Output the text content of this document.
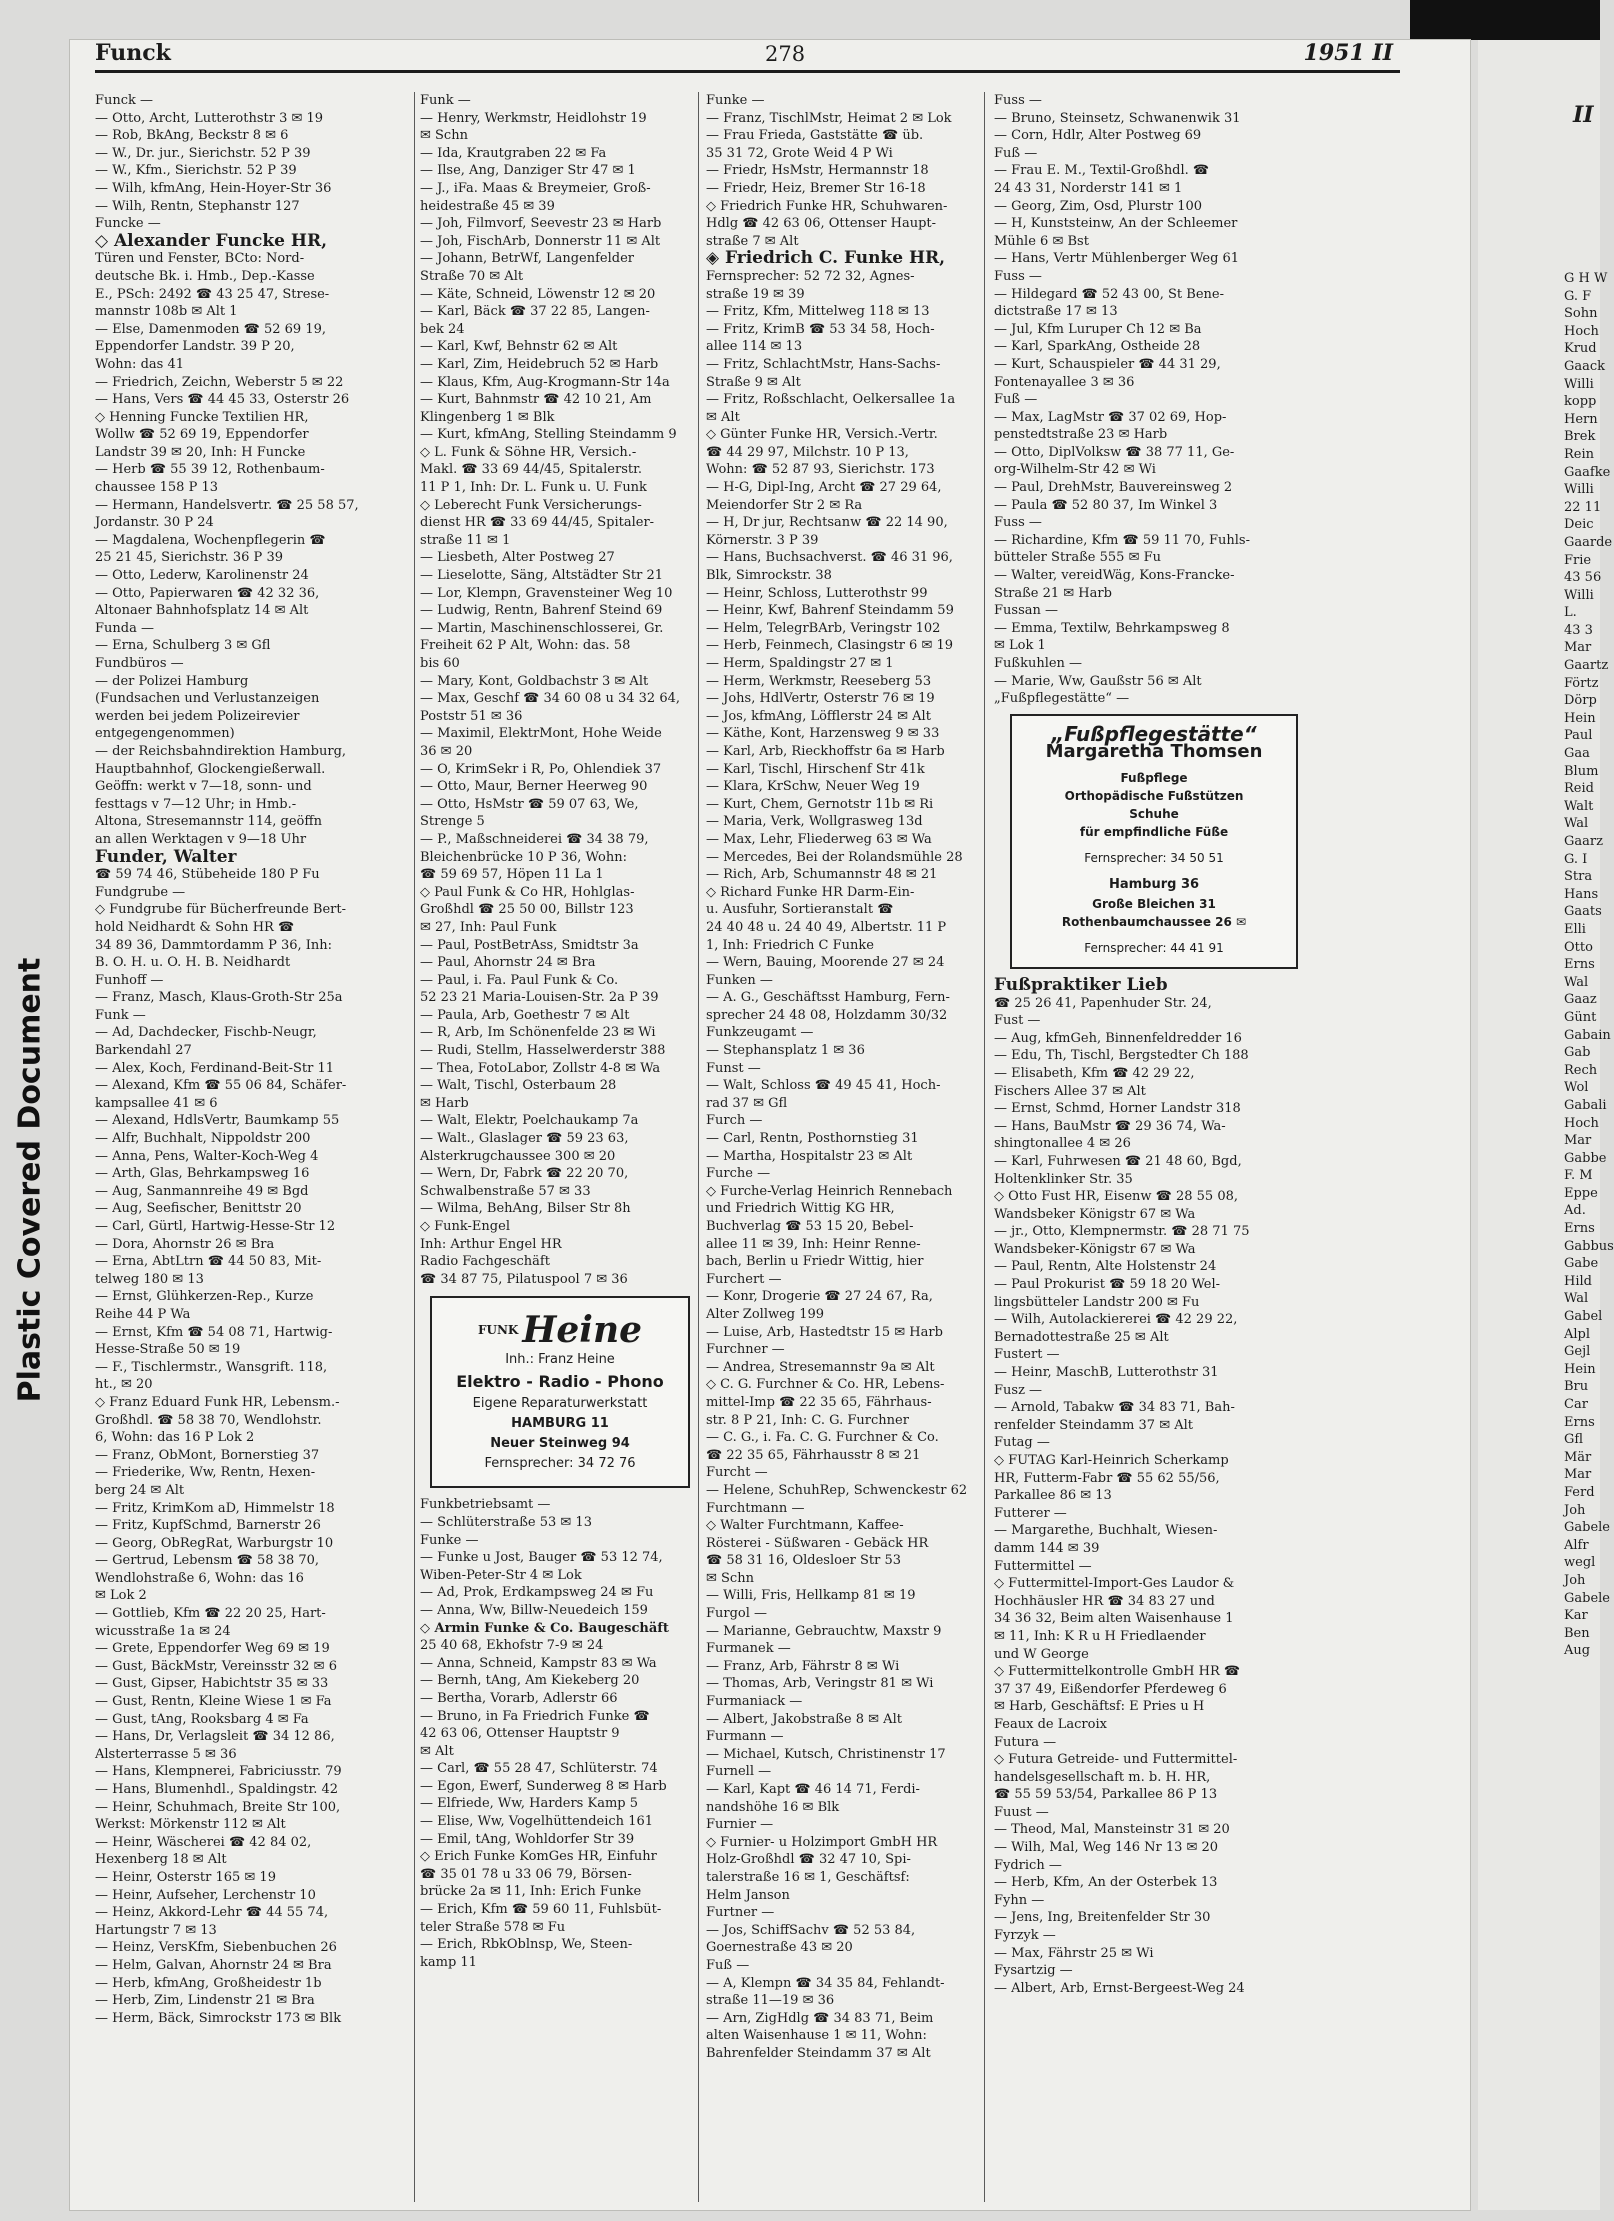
Plastic Covered Document
II
G H W
G. F
Sohn
Hoch
Krud
Gaack
Willi
kopp
Hern
Brek
Rein
Gaafke
Willi
22 11
Deic
Gaarde
Frie
43 56
Willi
L.
43 3
Mar
Gaartz
Förtz
Dörp
Hein
Paul
Gaa
Blum
Reid
Walt
Wal
Gaarz
G. I
Stra
Hans
Gaats
Elli
Otto
Erns
Wal
Gaaz
Günt
Gabain
Gab
Rech
Wol
Gabali
Hoch
Mar
Gabbe
F. M
Eppe
Ad.
Erns
Gabbus
Gabe
Hild
Wal
Gabel
Alpl
Gejl
Hein
Bru
Car
Erns
Gfl
Mär
Mar
Ferd
Joh
Gabele
Alfr
wegl
Joh
Gabele
Kar
Ben
Aug
Funck	278	1951 II
Funck —
— Otto, Archt, Lutterothstr 3 ✉ 19
— Rob, BkAng, Beckstr 8 ✉ 6
— W., Dr. jur., Sierichstr. 52 P 39
— W., Kfm., Sierichstr. 52 P 39
— Wilh, kfmAng, Hein-Hoyer-Str 36
— Wilh, Rentn, Stephanstr 127
Funcke —
◇ Alexander Funcke HR,
Türen und Fenster, BCto: Nord-
deutsche Bk. i. Hmb., Dep.-Kasse
E., PSch: 2492 ☎ 43 25 47, Strese-
mannstr 108b ✉ Alt 1
— Else, Damenmoden ☎ 52 69 19,
Eppendorfer Landstr. 39 P 20,
Wohn: das 41
— Friedrich, Zeichn, Weberstr 5 ✉ 22
— Hans, Vers ☎ 44 45 33, Osterstr 26
◇ Henning Funcke Textilien HR,
Wollw ☎ 52 69 19, Eppendorfer
Landstr 39 ✉ 20, Inh: H Funcke
— Herb ☎ 55 39 12, Rothenbaum-
chaussee 158 P 13
— Hermann, Handelsvertr. ☎ 25 58 57,
Jordanstr. 30 P 24
— Magdalena, Wochenpflegerin ☎
25 21 45, Sierichstr. 36 P 39
— Otto, Lederw, Karolinenstr 24
— Otto, Papierwaren ☎ 42 32 36,
Altonaer Bahnhofsplatz 14 ✉ Alt
Funda —
— Erna, Schulberg 3 ✉ Gfl
Fundbüros —
— der Polizei Hamburg
(Fundsachen und Verlustanzeigen
werden bei jedem Polizeirevier
entgegengenommen)
— der Reichsbahndirektion Hamburg,
Hauptbahnhof, Glockengießerwall.
Geöffn: werkt v 7—18, sonn- und
festtags v 7—12 Uhr; in Hmb.-
Altona, Stresemannstr 114, geöffn
an allen Werktagen v 9—18 Uhr
Funder, Walter
☎ 59 74 46, Stübeheide 180 P Fu
Fundgrube —
◇ Fundgrube für Bücherfreunde Bert-
hold Neidhardt & Sohn HR ☎
34 89 36, Dammtordamm P 36, Inh:
B. O. H. u. O. H. B. Neidhardt
Funhoff —
— Franz, Masch, Klaus-Groth-Str 25a
Funk —
— Ad, Dachdecker, Fischb-Neugr,
Barkendahl 27
— Alex, Koch, Ferdinand-Beit-Str 11
— Alexand, Kfm ☎ 55 06 84, Schäfer-
kampsallee 41 ✉ 6
— Alexand, HdlsVertr, Baumkamp 55
— Alfr, Buchhalt, Nippoldstr 200
— Anna, Pens, Walter-Koch-Weg 4
— Arth, Glas, Behrkampsweg 16
— Aug, Sanmannreihe 49 ✉ Bgd
— Aug, Seefischer, Benittstr 20
— Carl, Gürtl, Hartwig-Hesse-Str 12
— Dora, Ahornstr 26 ✉ Bra
— Erna, AbtLtrn ☎ 44 50 83, Mit-
telweg 180 ✉ 13
— Ernst, Glühkerzen-Rep., Kurze
Reihe 44 P Wa
— Ernst, Kfm ☎ 54 08 71, Hartwig-
Hesse-Straße 50 ✉ 19
— F., Tischlermstr., Wansgrift. 118,
ht., ✉ 20
◇ Franz Eduard Funk HR, Lebensm.-
Großhdl. ☎ 58 38 70, Wendlohstr.
6, Wohn: das 16 P Lok 2
— Franz, ObMont, Bornerstieg 37
— Friederike, Ww, Rentn, Hexen-
berg 24 ✉ Alt
— Fritz, KrimKom aD, Himmelstr 18
— Fritz, KupfSchmd, Barnerstr 26
— Georg, ObRegRat, Warburgstr 10
— Gertrud, Lebensm ☎ 58 38 70,
Wendlohstraße 6, Wohn: das 16
✉ Lok 2
— Gottlieb, Kfm ☎ 22 20 25, Hart-
wicusstraße 1a ✉ 24
— Grete, Eppendorfer Weg 69 ✉ 19
— Gust, BäckMstr, Vereinsstr 32 ✉ 6
— Gust, Gipser, Habichtstr 35 ✉ 33
— Gust, Rentn, Kleine Wiese 1 ✉ Fa
— Gust, tAng, Rooksbarg 4 ✉ Fa
— Hans, Dr, Verlagsleit ☎ 34 12 86,
Alsterterrasse 5 ✉ 36
— Hans, Klempnerei, Fabriciusstr. 79
— Hans, Blumenhdl., Spaldingstr. 42
— Heinr, Schuhmach, Breite Str 100,
Werkst: Mörkenstr 112 ✉ Alt
— Heinr, Wäscherei ☎ 42 84 02,
Hexenberg 18 ✉ Alt
— Heinr, Osterstr 165 ✉ 19
— Heinr, Aufseher, Lerchenstr 10
— Heinz, Akkord-Lehr ☎ 44 55 74,
Hartungstr 7 ✉ 13
— Heinz, VersKfm, Siebenbuchen 26
— Helm, Galvan, Ahornstr 24 ✉ Bra
— Herb, kfmAng, Großheidestr 1b
— Herb, Zim, Lindenstr 21 ✉ Bra
— Herm, Bäck, Simrockstr 173 ✉ Blk
Funk —
— Henry, Werkmstr, Heidlohstr 19
✉ Schn
— Ida, Krautgraben 22 ✉ Fa
— Ilse, Ang, Danziger Str 47 ✉ 1
— J., iFa. Maas & Breymeier, Groß-
heidestraße 45 ✉ 39
— Joh, Filmvorf, Seevestr 23 ✉ Harb
— Joh, FischArb, Donnerstr 11 ✉ Alt
— Johann, BetrWf, Langenfelder
Straße 70 ✉ Alt
— Käte, Schneid, Löwenstr 12 ✉ 20
— Karl, Bäck ☎ 37 22 85, Langen-
bek 24
— Karl, Kwf, Behnstr 62 ✉ Alt
— Karl, Zim, Heidebruch 52 ✉ Harb
— Klaus, Kfm, Aug-Krogmann-Str 14a
— Kurt, Bahnmstr ☎ 42 10 21, Am
Klingenberg 1 ✉ Blk
— Kurt, kfmAng, Stelling Steindamm 9
◇ L. Funk & Söhne HR, Versich.-
Makl. ☎ 33 69 44/45, Spitalerstr.
11 P 1, Inh: Dr. L. Funk u. U. Funk
◇ Leberecht Funk Versicherungs-
dienst HR ☎ 33 69 44/45, Spitaler-
straße 11 ✉ 1
— Liesbeth, Alter Postweg 27
— Lieselotte, Säng, Altstädter Str 21
— Lor, Klempn, Gravensteiner Weg 10
— Ludwig, Rentn, Bahrenf Steind 69
— Martin, Maschinenschlosserei, Gr.
Freiheit 62 P Alt, Wohn: das. 58
bis 60
— Mary, Kont, Goldbachstr 3 ✉ Alt
— Max, Geschf ☎ 34 60 08 u 34 32 64,
Poststr 51 ✉ 36
— Maximil, ElektrMont, Hohe Weide
36 ✉ 20
— O, KrimSekr i R, Po, Ohlendiek 37
— Otto, Maur, Berner Heerweg 90
— Otto, HsMstr ☎ 59 07 63, We,
Strenge 5
— P., Maßschneiderei ☎ 34 38 79,
Bleichenbrücke 10 P 36, Wohn:
☎ 59 69 57, Höpen 11 La 1
◇ Paul Funk & Co HR, Hohlglas-
Großhdl ☎ 25 50 00, Billstr 123
✉ 27, Inh: Paul Funk
— Paul, PostBetrAss, Smidtstr 3a
— Paul, Ahornstr 24 ✉ Bra
— Paul, i. Fa. Paul Funk & Co.
52 23 21 Maria-Louisen-Str. 2a P 39
— Paula, Arb, Goethestr 7 ✉ Alt
— R, Arb, Im Schönenfelde 23 ✉ Wi
— Rudi, Stellm, Hasselwerderstr 388
— Thea, FotoLabor, Zollstr 4-8 ✉ Wa
— Walt, Tischl, Osterbaum 28
✉ Harb
— Walt, Elektr, Poelchaukamp 7a
— Walt., Glaslager ☎ 59 23 63,
Alsterkrugchaussee 300 ✉ 20
— Wern, Dr, Fabrk ☎ 22 20 70,
Schwalbenstraße 57 ✉ 33
— Wilma, BehAng, Bilser Str 8h
◇ Funk-Engel
Inh: Arthur Engel HR
Radio Fachgeschäft
☎ 34 87 75, Pilatuspool 7 ✉ 36
$^{FUNK}$ Heine
Inh.: Franz Heine
Elektro - Radio - Phono
Eigene Reparaturwerkstatt
HAMBURG 11
Neuer Steinweg 94
Fernsprecher: 34 72 76
Funkbetriebsamt —
— Schlüterstraße 53 ✉ 13
Funke —
— Funke u Jost, Bauger ☎ 53 12 74,
Wiben-Peter-Str 4 ✉ Lok
— Ad, Prok, Erdkampsweg 24 ✉ Fu
— Anna, Ww, Billw-Neuedeich 159
◇ Armin Funke & Co. Baugeschäft
25 40 68, Ekhofstr 7-9 ✉ 24
— Anna, Schneid, Kampstr 83 ✉ Wa
— Bernh, tAng, Am Kiekeberg 20
— Bertha, Vorarb, Adlerstr 66
— Bruno, in Fa Friedrich Funke ☎
42 63 06, Ottenser Hauptstr 9
✉ Alt
— Carl, ☎ 55 28 47, Schlüterstr. 74
— Egon, Ewerf, Sunderweg 8 ✉ Harb
— Elfriede, Ww, Harders Kamp 5
— Elise, Ww, Vogelhüttendeich 161
— Emil, tAng, Wohldorfer Str 39
◇ Erich Funke KomGes HR, Einfuhr
☎ 35 01 78 u 33 06 79, Börsen-
brücke 2a ✉ 11, Inh: Erich Funke
— Erich, Kfm ☎ 59 60 11, Fuhlsbüt-
teler Straße 578 ✉ Fu
— Erich, RbkOblnsp, We, Steen-
kamp 11
Funke —
— Franz, TischlMstr, Heimat 2 ✉ Lok
— Frau Frieda, Gaststätte ☎ üb.
35 31 72, Grote Weid 4 P Wi
— Friedr, HsMstr, Hermannstr 18
— Friedr, Heiz, Bremer Str 16-18
◇ Friedrich Funke HR, Schuhwaren-
Hdlg ☎ 42 63 06, Ottenser Haupt-
straße 7 ✉ Alt
◈ Friedrich C. Funke HR,
Fernsprecher: 52 72 32, Agnes-
straße 19 ✉ 39
— Fritz, Kfm, Mittelweg 118 ✉ 13
— Fritz, KrimB ☎ 53 34 58, Hoch-
allee 114 ✉ 13
— Fritz, SchlachtMstr, Hans-Sachs-
Straße 9 ✉ Alt
— Fritz, Roßschlacht, Oelkersallee 1a
✉ Alt
◇ Günter Funke HR, Versich.-Vertr.
☎ 44 29 97, Milchstr. 10 P 13,
Wohn: ☎ 52 87 93, Sierichstr. 173
— H-G, Dipl-Ing, Archt ☎ 27 29 64,
Meiendorfer Str 2 ✉ Ra
— H, Dr jur, Rechtsanw ☎ 22 14 90,
Körnerstr. 3 P 39
— Hans, Buchsachverst. ☎ 46 31 96,
Blk, Simrockstr. 38
— Heinr, Schloss, Lutterothstr 99
— Heinr, Kwf, Bahrenf Steindamm 59
— Helm, TelegrBArb, Veringstr 102
— Herb, Feinmech, Clasingstr 6 ✉ 19
— Herm, Spaldingstr 27 ✉ 1
— Herm, Werkmstr, Reeseberg 53
— Johs, HdlVertr, Osterstr 76 ✉ 19
— Jos, kfmAng, Löfflerstr 24 ✉ Alt
— Käthe, Kont, Harzensweg 9 ✉ 33
— Karl, Arb, Rieckhoffstr 6a ✉ Harb
— Karl, Tischl, Hirschenf Str 41k
— Klara, KrSchw, Neuer Weg 19
— Kurt, Chem, Gernotstr 11b ✉ Ri
— Maria, Verk, Wollgrasweg 13d
— Max, Lehr, Fliederweg 63 ✉ Wa
— Mercedes, Bei der Rolandsmühle 28
— Rich, Arb, Schumannstr 48 ✉ 21
◇ Richard Funke HR Darm-Ein-
u. Ausfuhr, Sortieranstalt ☎
24 40 48 u. 24 40 49, Albertstr. 11 P
1, Inh: Friedrich C Funke
— Wern, Bauing, Moorende 27 ✉ 24
Funken —
— A. G., Geschäftsst Hamburg, Fern-
sprecher 24 48 08, Holzdamm 30/32
Funkzeugamt —
— Stephansplatz 1 ✉ 36
Funst —
— Walt, Schloss ☎ 49 45 41, Hoch-
rad 37 ✉ Gfl
Furch —
— Carl, Rentn, Posthornstieg 31
— Martha, Hospitalstr 23 ✉ Alt
Furche —
◇ Furche-Verlag Heinrich Rennebach
und Friedrich Wittig KG HR,
Buchverlag ☎ 53 15 20, Bebel-
allee 11 ✉ 39, Inh: Heinr Renne-
bach, Berlin u Friedr Wittig, hier
Furchert —
— Konr, Drogerie ☎ 27 24 67, Ra,
Alter Zollweg 199
— Luise, Arb, Hastedtstr 15 ✉ Harb
Furchner —
— Andrea, Stresemannstr 9a ✉ Alt
◇ C. G. Furchner & Co. HR, Lebens-
mittel-Imp ☎ 22 35 65, Fährhaus-
str. 8 P 21, Inh: C. G. Furchner
— C. G., i. Fa. C. G. Furchner & Co.
☎ 22 35 65, Fährhausstr 8 ✉ 21
Furcht —
— Helene, SchuhRep, Schwenckestr 62
Furchtmann —
◇ Walter Furchtmann, Kaffee-
Rösterei - Süßwaren - Gebäck HR
☎ 58 31 16, Oldesloer Str 53
✉ Schn
— Willi, Fris, Hellkamp 81 ✉ 19
Furgol —
— Marianne, Gebrauchtw, Maxstr 9
Furmanek —
— Franz, Arb, Fährstr 8 ✉ Wi
— Thomas, Arb, Veringstr 81 ✉ Wi
Furmaniack —
— Albert, Jakobstraße 8 ✉ Alt
Furmann —
— Michael, Kutsch, Christinenstr 17
Furnell —
— Karl, Kapt ☎ 46 14 71, Ferdi-
nandshöhe 16 ✉ Blk
Furnier —
◇ Furnier- u Holzimport GmbH HR
Holz-Großhdl ☎ 32 47 10, Spi-
talerstraße 16 ✉ 1, Geschäftsf:
Helm Janson
Furtner —
— Jos, SchiffSachv ☎ 52 53 84,
Goernestraße 43 ✉ 20
Fuß —
— A, Klempn ☎ 34 35 84, Fehlandt-
straße 11—19 ✉ 36
— Arn, ZigHdlg ☎ 34 83 71, Beim
alten Waisenhause 1 ✉ 11, Wohn:
Bahrenfelder Steindamm 37 ✉ Alt
Fuss —
— Bruno, Steinsetz, Schwanenwik 31
— Corn, Hdlr, Alter Postweg 69
Fuß —
— Frau E. M., Textil-Großhdl. ☎
24 43 31, Norderstr 141 ✉ 1
— Georg, Zim, Osd, Plurstr 100
— H, Kunststeinw, An der Schleemer
Mühle 6 ✉ Bst
— Hans, Vertr Mühlenberger Weg 61
Fuss —
— Hildegard ☎ 52 43 00, St Bene-
dictstraße 17 ✉ 13
— Jul, Kfm Luruper Ch 12 ✉ Ba
— Karl, SparkAng, Ostheide 28
— Kurt, Schauspieler ☎ 44 31 29,
Fontenayallee 3 ✉ 36
Fuß —
— Max, LagMstr ☎ 37 02 69, Hop-
penstedtstraße 23 ✉ Harb
— Otto, DiplVolksw ☎ 38 77 11, Ge-
org-Wilhelm-Str 42 ✉ Wi
— Paul, DrehMstr, Bauvereinsweg 2
— Paula ☎ 52 80 37, Im Winkel 3
Fuss —
— Richardine, Kfm ☎ 59 11 70, Fuhls-
bütteler Straße 555 ✉ Fu
— Walter, vereidWäg, Kons-Francke-
Straße 21 ✉ Harb
Fussan —
— Emma, Textilw, Behrkampsweg 8
✉ Lok 1
Fußkuhlen —
— Marie, Ww, Gaußstr 56 ✉ Alt
„Fußpflegestätte“ —
„Fußpflegestätte“
Margaretha Thomsen
Fußpflege
Orthopädische Fußstützen
Schuhe
für empfindliche Füße
Fernsprecher: 34 50 51
Hamburg 36
Große Bleichen 31
Rothenbaumchaussee 26 ✉
Fernsprecher: 44 41 91
Fußpraktiker Lieb
☎ 25 26 41, Papenhuder Str. 24,
Fust —
— Aug, kfmGeh, Binnenfeldredder 16
— Edu, Th, Tischl, Bergstedter Ch 188
— Elisabeth, Kfm ☎ 42 29 22,
Fischers Allee 37 ✉ Alt
— Ernst, Schmd, Horner Landstr 318
— Hans, BauMstr ☎ 29 36 74, Wa-
shingtonallee 4 ✉ 26
— Karl, Fuhrwesen ☎ 21 48 60, Bgd,
Holtenklinker Str. 35
◇ Otto Fust HR, Eisenw ☎ 28 55 08,
Wandsbeker Königstr 67 ✉ Wa
— jr., Otto, Klempnermstr. ☎ 28 71 75
Wandsbeker-Königstr 67 ✉ Wa
— Paul, Rentn, Alte Holstenstr 24
— Paul Prokurist ☎ 59 18 20 Wel-
lingsbütteler Landstr 200 ✉ Fu
— Wilh, Autolackiererei ☎ 42 29 22,
Bernadottestraße 25 ✉ Alt
Fustert —
— Heinr, MaschB, Lutterothstr 31
Fusz —
— Arnold, Tabakw ☎ 34 83 71, Bah-
renfelder Steindamm 37 ✉ Alt
Futag —
◇ FUTAG Karl-Heinrich Scherkamp
HR, Futterm-Fabr ☎ 55 62 55/56,
Parkallee 86 ✉ 13
Futterer —
— Margarethe, Buchhalt, Wiesen-
damm 144 ✉ 39
Futtermittel —
◇ Futtermittel-Import-Ges Laudor &
Hochhäusler HR ☎ 34 83 27 und
34 36 32, Beim alten Waisenhause 1
✉ 11, Inh: K R u H Friedlaender
und W George
◇ Futtermittelkontrolle GmbH HR ☎
37 37 49, Eißendorfer Pferdeweg 6
✉ Harb, Geschäftsf: E Pries u H
Feaux de Lacroix
Futura —
◇ Futura Getreide- und Futtermittel-
handelsgesellschaft m. b. H. HR,
☎ 55 59 53/54, Parkallee 86 P 13
Fuust —
— Theod, Mal, Mansteinstr 31 ✉ 20
— Wilh, Mal, Weg 146 Nr 13 ✉ 20
Fydrich —
— Herb, Kfm, An der Osterbek 13
Fyhn —
— Jens, Ing, Breitenfelder Str 30
Fyrzyk —
— Max, Fährstr 25 ✉ Wi
Fysartzig —
— Albert, Arb, Ernst-Bergeest-Weg 24
